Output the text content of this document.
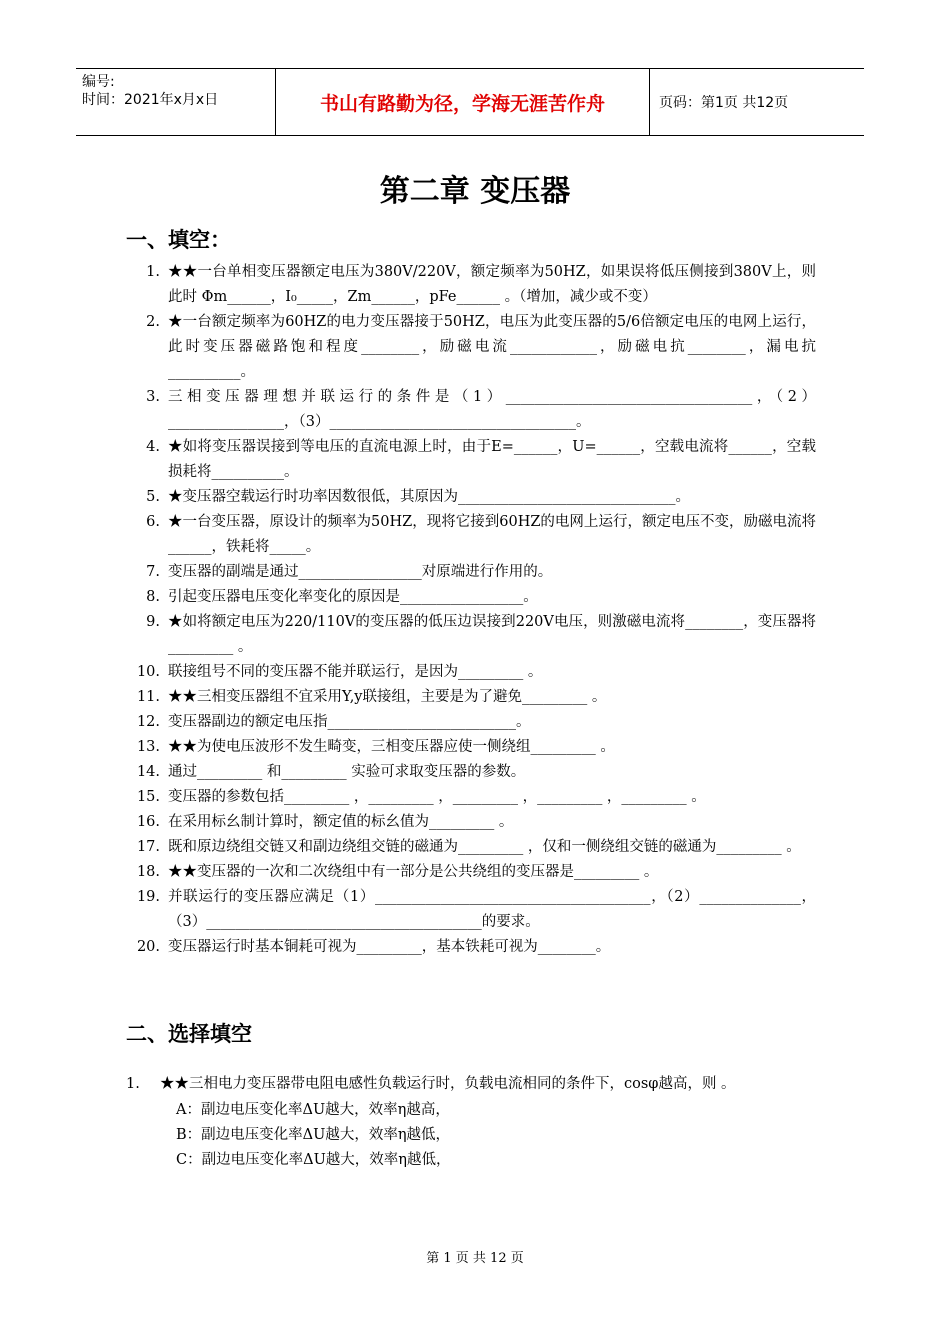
编号:
时间：2021年x月x日	书山有路勤为径，学海无涯苦作舟	页码：第1页 共12页
第二章 变压器
一、填空：
1. ★★一台单相变压器额定电压为380V/220V，额定频率为50HZ，如果误将低压侧接到380V上，则此时 Φm______，I₀_____，Zm______，pFe______ 。（增加，减少或不变）
2. ★一台额定频率为60HZ的电力变压器接于50HZ，电压为此变压器的5/6倍额定电压的电网上运行，此时变压器磁路饱和程度________，励磁电流____________，励磁电抗________，漏电抗__________。
3. 三相变压器理想并联运行的条件是（1）__________________________________，（2）________________，（3）__________________________________。
4. ★如将变压器误接到等电压的直流电源上时，由于E=______，U=______，空载电流将______，空载损耗将__________。
5. ★变压器空载运行时功率因数很低，其原因为______________________________。
6. ★一台变压器，原设计的频率为50HZ，现将它接到60HZ的电网上运行，额定电压不变，励磁电流将______，铁耗将_____。
7. 变压器的副端是通过_________________对原端进行作用的。
8. 引起变压器电压变化率变化的原因是_________________。
9. ★如将额定电压为220/110V的变压器的低压边误接到220V电压，则激磁电流将________，变压器将 _________ 。
10. 联接组号不同的变压器不能并联运行，是因为_________ 。
11. ★★三相变压器组不宜采用Y,y联接组，主要是为了避免_________ 。
12. 变压器副边的额定电压指__________________________。
13. ★★为使电压波形不发生畸变，三相变压器应使一侧绕组_________ 。
14. 通过_________ 和_________ 实验可求取变压器的参数。
15. 变压器的参数包括_________ ，_________ ，_________ ，_________ ，_________ 。
16. 在采用标幺制计算时，额定值的标幺值为_________ 。
17. 既和原边绕组交链又和副边绕组交链的磁通为_________ ，仅和一侧绕组交链的磁通为_________ 。
18. ★★变压器的一次和二次绕组中有一部分是公共绕组的变压器是_________ 。
19. 并联运行的变压器应满足（1）______________________________________，（2）______________，（3）______________________________________的要求。
20. 变压器运行时基本铜耗可视为_________，基本铁耗可视为________。
二、选择填空
1.	★★三相电力变压器带电阻电感性负载运行时，负载电流相同的条件下，cosφ越高，则 。
A：副边电压变化率ΔU越大，效率η越高，
B：副边电压变化率ΔU越大，效率η越低，
C：副边电压变化率ΔU越大，效率η越低，
第 1 页 共 12 页
